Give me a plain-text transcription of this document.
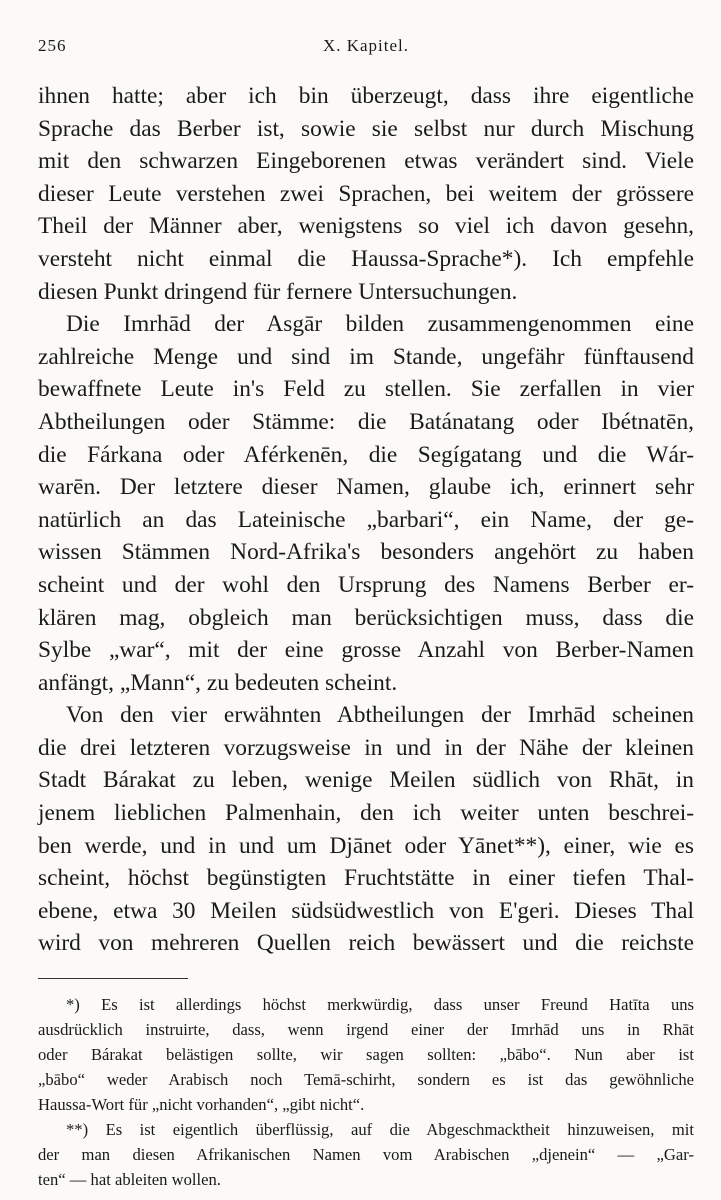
256	X. Kapitel.
ihnen hatte; aber ich bin überzeugt, dass ihre eigentliche
Sprache das Berber ist, sowie sie selbst nur durch Mischung
mit den schwarzen Eingeborenen etwas verändert sind. Viele
dieser Leute verstehen zwei Sprachen, bei weitem der grössere
Theil der Männer aber, wenigstens so viel ich davon gesehn,
versteht nicht einmal die Haussa-Sprache*). Ich empfehle
diesen Punkt dringend für fernere Untersuchungen.
Die Imrhād der Asgār bilden zusammengenommen eine
zahlreiche Menge und sind im Stande, ungefähr fünftausend
bewaffnete Leute in's Feld zu stellen. Sie zerfallen in vier
Abtheilungen oder Stämme: die Batánatang oder Ibétnatēn,
die Fárkana oder Aférkenēn, die Segígatang und die Wár-
warēn. Der letztere dieser Namen, glaube ich, erinnert sehr
natürlich an das Lateinische „barbari“, ein Name, der ge-
wissen Stämmen Nord-Afrika's besonders angehört zu haben
scheint und der wohl den Ursprung des Namens Berber er-
klären mag, obgleich man berücksichtigen muss, dass die
Sylbe „war“, mit der eine grosse Anzahl von Berber-Namen
anfängt, „Mann“, zu bedeuten scheint.
Von den vier erwähnten Abtheilungen der Imrhād scheinen
die drei letzteren vorzugsweise in und in der Nähe der kleinen
Stadt Bárakat zu leben, wenige Meilen südlich von Rhāt, in
jenem lieblichen Palmenhain, den ich weiter unten beschrei-
ben werde, und in und um Djānet oder Yānet**), einer, wie es
scheint, höchst begünstigten Fruchtstätte in einer tiefen Thal-
ebene, etwa 30 Meilen südsüdwestlich von E'geri. Dieses Thal
wird von mehreren Quellen reich bewässert und die reichste
*) Es ist allerdings höchst merkwürdig, dass unser Freund Hatīta uns
ausdrücklich instruirte, dass, wenn irgend einer der Imrhād uns in Rhāt
oder Bárakat belästigen sollte, wir sagen sollten: „bābo“. Nun aber ist
„bābo“ weder Arabisch noch Temā-schirht, sondern es ist das gewöhnliche
Haussa-Wort für „nicht vorhanden“, „gibt nicht“.
**) Es ist eigentlich überflüssig, auf die Abgeschmacktheit hinzuweisen, mit
der man diesen Afrikanischen Namen vom Arabischen „djenein“ — „Gar-
ten“ — hat ableiten wollen.
